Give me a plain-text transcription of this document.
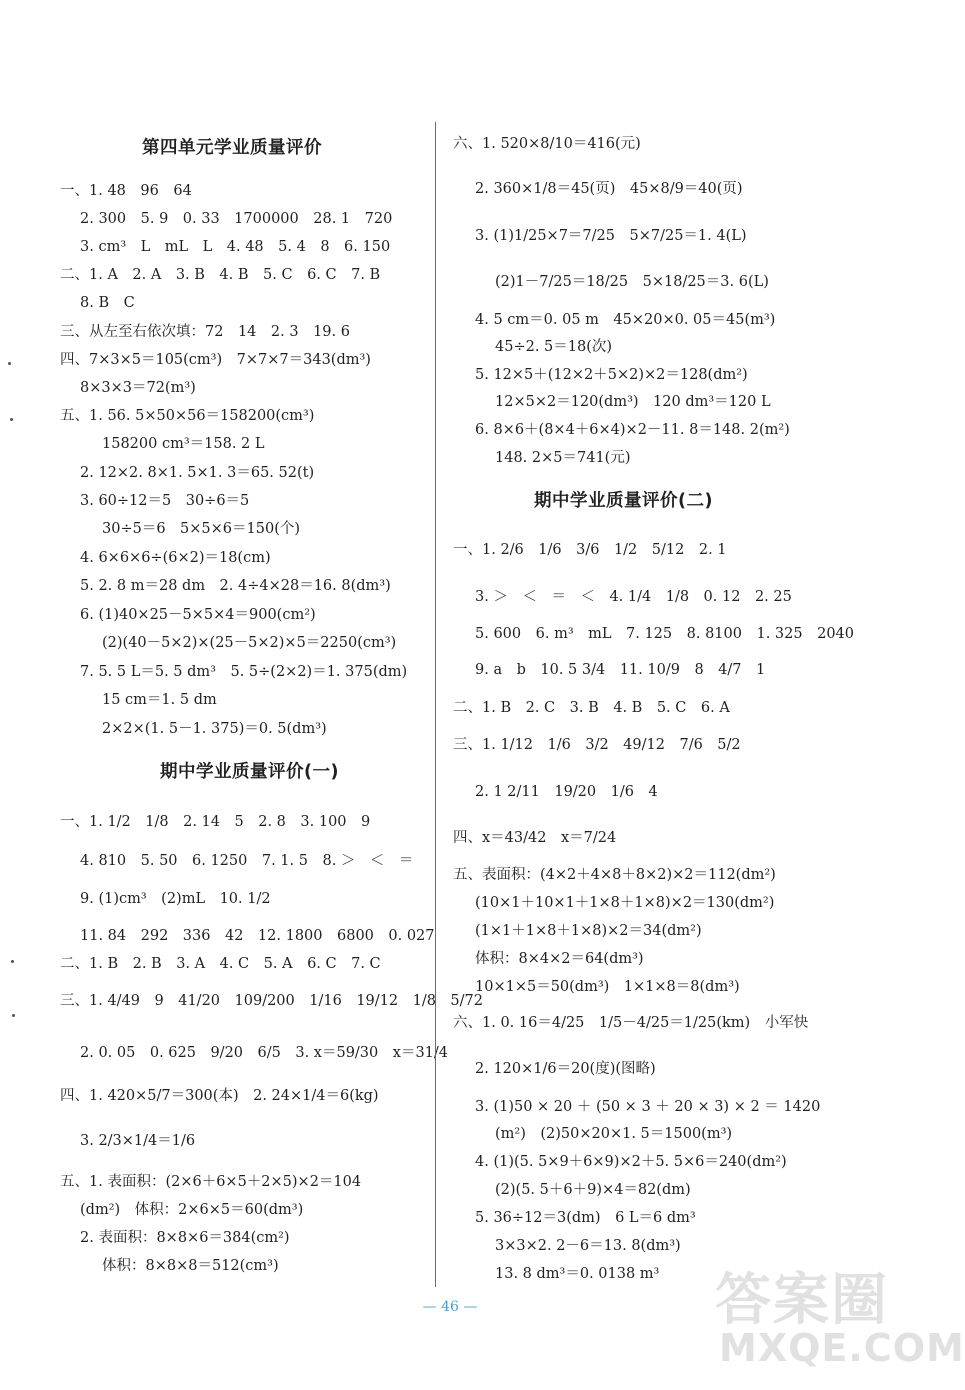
第四单元学业质量评价
一、1. 48　96　64
2. 300　5. 9　0. 33　1700000　28. 1　720
3. cm³　L　mL　L　4. 48　5. 4　8　6. 150
二、1. A　2. A　3. B　4. B　5. C　6. C　7. B
8. B　C
三、从左至右依次填：72　14　2. 3　19. 6
四、7×3×5＝105(cm³)　7×7×7＝343(dm³)
8×3×3＝72(m³)
五、1. 56. 5×50×56＝158200(cm³)
158200 cm³＝158. 2 L
2. 12×2. 8×1. 5×1. 3＝65. 52(t)
3. 60÷12＝5　30÷6＝5
30÷5＝6　5×5×6＝150(个)
4. 6×6×6÷(6×2)＝18(cm)
5. 2. 8 m＝28 dm　2. 4÷4×28＝16. 8(dm³)
6. (1)40×25－5×5×4＝900(cm²)
(2)(40－5×2)×(25－5×2)×5＝2250(cm³)
7. 5. 5 L＝5. 5 dm³　5. 5÷(2×2)＝1. 375(dm)
15 cm＝1. 5 dm
2×2×(1. 5－1. 375)＝0. 5(dm³)
期中学业质量评价(一)
一、1. 1/2　1/8　2. 14　5　2. 8　3. 100　9
4. 810　5. 50　6. 1250　7. 1. 5　8. ＞　＜　＝
9. (1)cm³　(2)mL　10. 1/2
11. 84　292　336　42　12. 1800　6800　0. 027
二、1. B　2. B　3. A　4. C　5. A　6. C　7. C
三、1. 4/49　9　41/20　109/200　1/16　19/12　1/8　5/72
2. 0. 05　0. 625　9/20　6/5　3. x＝59/30　x＝31/4
四、1. 420×5/7＝300(本)　2. 24×1/4＝6(kg)
3. 2/3×1/4＝1/6
五、1. 表面积：(2×6＋6×5＋2×5)×2＝104
(dm²)　体积：2×6×5＝60(dm³)
2. 表面积：8×8×6＝384(cm²)
体积：8×8×8＝512(cm³)
六、1. 520×8/10＝416(元)
2. 360×1/8＝45(页)　45×8/9＝40(页)
3. (1)1/25×7＝7/25　5×7/25＝1. 4(L)
(2)1－7/25＝18/25　5×18/25＝3. 6(L)
4. 5 cm＝0. 05 m　45×20×0. 05＝45(m³)
45÷2. 5＝18(次)
5. 12×5＋(12×2＋5×2)×2＝128(dm²)
12×5×2＝120(dm³)　120 dm³＝120 L
6. 8×6＋(8×4＋6×4)×2－11. 8＝148. 2(m²)
148. 2×5＝741(元)
期中学业质量评价(二)
一、1. 2/6　1/6　3/6　1/2　5/12　2. 1
3. ＞　＜　＝　＜　4. 1/4　1/8　0. 12　2. 25
5. 600　6. m³　mL　7. 125　8. 8100　1. 325　2040
9. a　b　10. 5 3/4　11. 10/9　8　4/7　1
二、1. B　2. C　3. B　4. B　5. C　6. A
三、1. 1/12　1/6　3/2　49/12　7/6　5/2
2. 1 2/11　19/20　1/6　4
四、x＝43/42　x＝7/24
五、表面积：(4×2＋4×8＋8×2)×2＝112(dm²)
(10×1＋10×1＋1×8＋1×8)×2＝130(dm²)
(1×1＋1×8＋1×8)×2＝34(dm²)
体积：8×4×2＝64(dm³)
10×1×5＝50(dm³)　1×1×8＝8(dm³)
六、1. 0. 16＝4/25　1/5－4/25＝1/25(km)　小军快
2. 120×1/6＝20(度)(图略)
3. (1)50 × 20 ＋ (50 × 3 ＋ 20 × 3) × 2 ＝ 1420
(m²)　(2)50×20×1. 5＝1500(m³)
4. (1)(5. 5×9＋6×9)×2＋5. 5×6＝240(dm²)
(2)(5. 5＋6＋9)×4＝82(dm)
5. 36÷12＝3(dm)　6 L＝6 dm³
3×3×2. 2－6＝13. 8(dm³)
13. 8 dm³＝0. 0138 m³
— 46 —	答案圈
MXQE.COM
